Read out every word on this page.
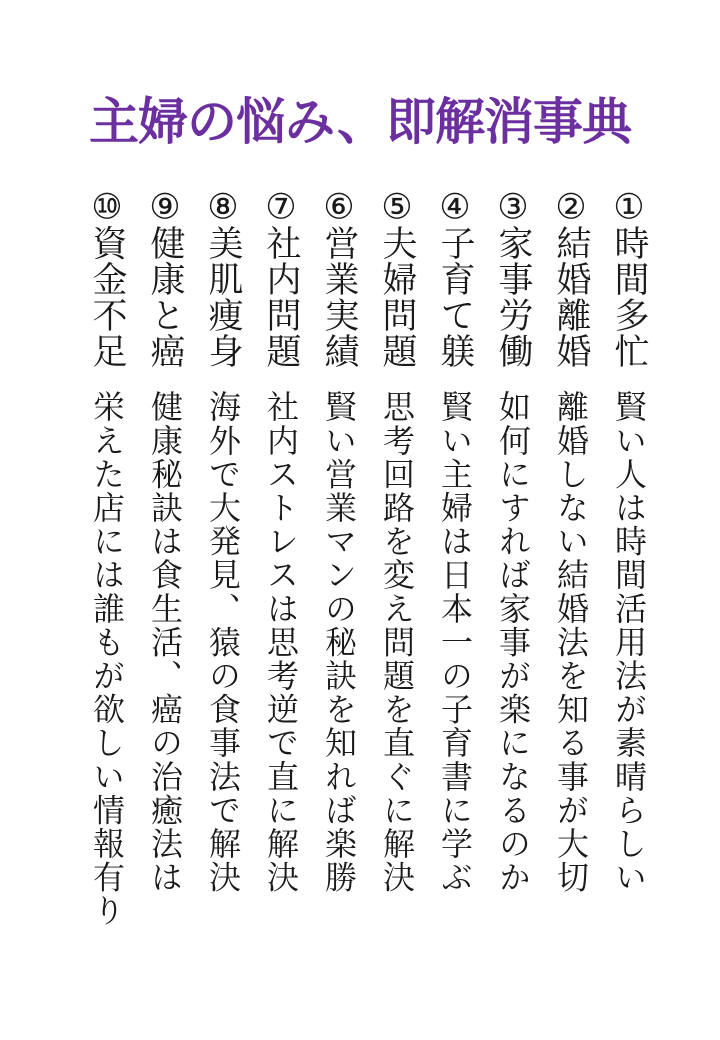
主婦の悩み、即解消事典
①時間多忙
賢い人は時間活用法が素晴らしい
②結婚離婚
離婚しない結婚法を知る事が大切
③家事労働
如何にすれば家事が楽になるのか
④子育て躾
賢い主婦は日本一の子育書に学ぶ
⑤夫婦問題
思考回路を変え問題を直ぐに解決
⑥営業実績
賢い営業マンの秘訣を知れば楽勝
⑦社内問題
社内ストレスは思考逆で直に解決
⑧美肌痩身
海外で大発見、猿の食事法で解決
⑨健康と癌
健康秘訣は食生活、癌の治癒法は
⑩資金不足
栄えた店には誰もが欲しい情報有り
